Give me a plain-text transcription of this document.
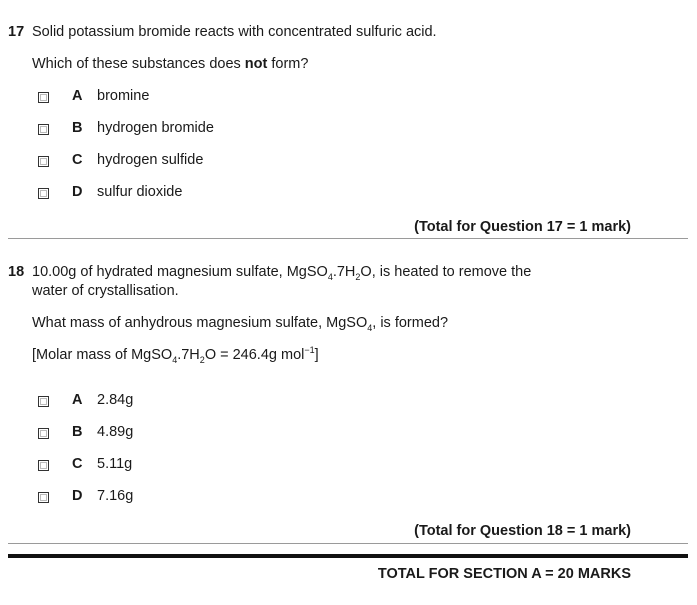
17 Solid potassium bromide reacts with concentrated sulfuric acid.
Which of these substances does not form?
A bromine
B hydrogen bromide
C hydrogen sulfide
D sulfur dioxide
(Total for Question 17 = 1 mark)
18 10.00g of hydrated magnesium sulfate, $MgSO_4.7H_2O$, is heated to remove the
water of crystallisation.
What mass of anhydrous magnesium sulfate, MgSO$_4$, is formed?
[Molar mass of $MgSO_4.7H_2O = 246.4g$ mol$^{-1}$]
A 2.84g
B 4.89g
C 5.11g
D 7.16g
(Total for Question 18 = 1 mark)
TOTAL FOR SECTION A = 20 MARKS
